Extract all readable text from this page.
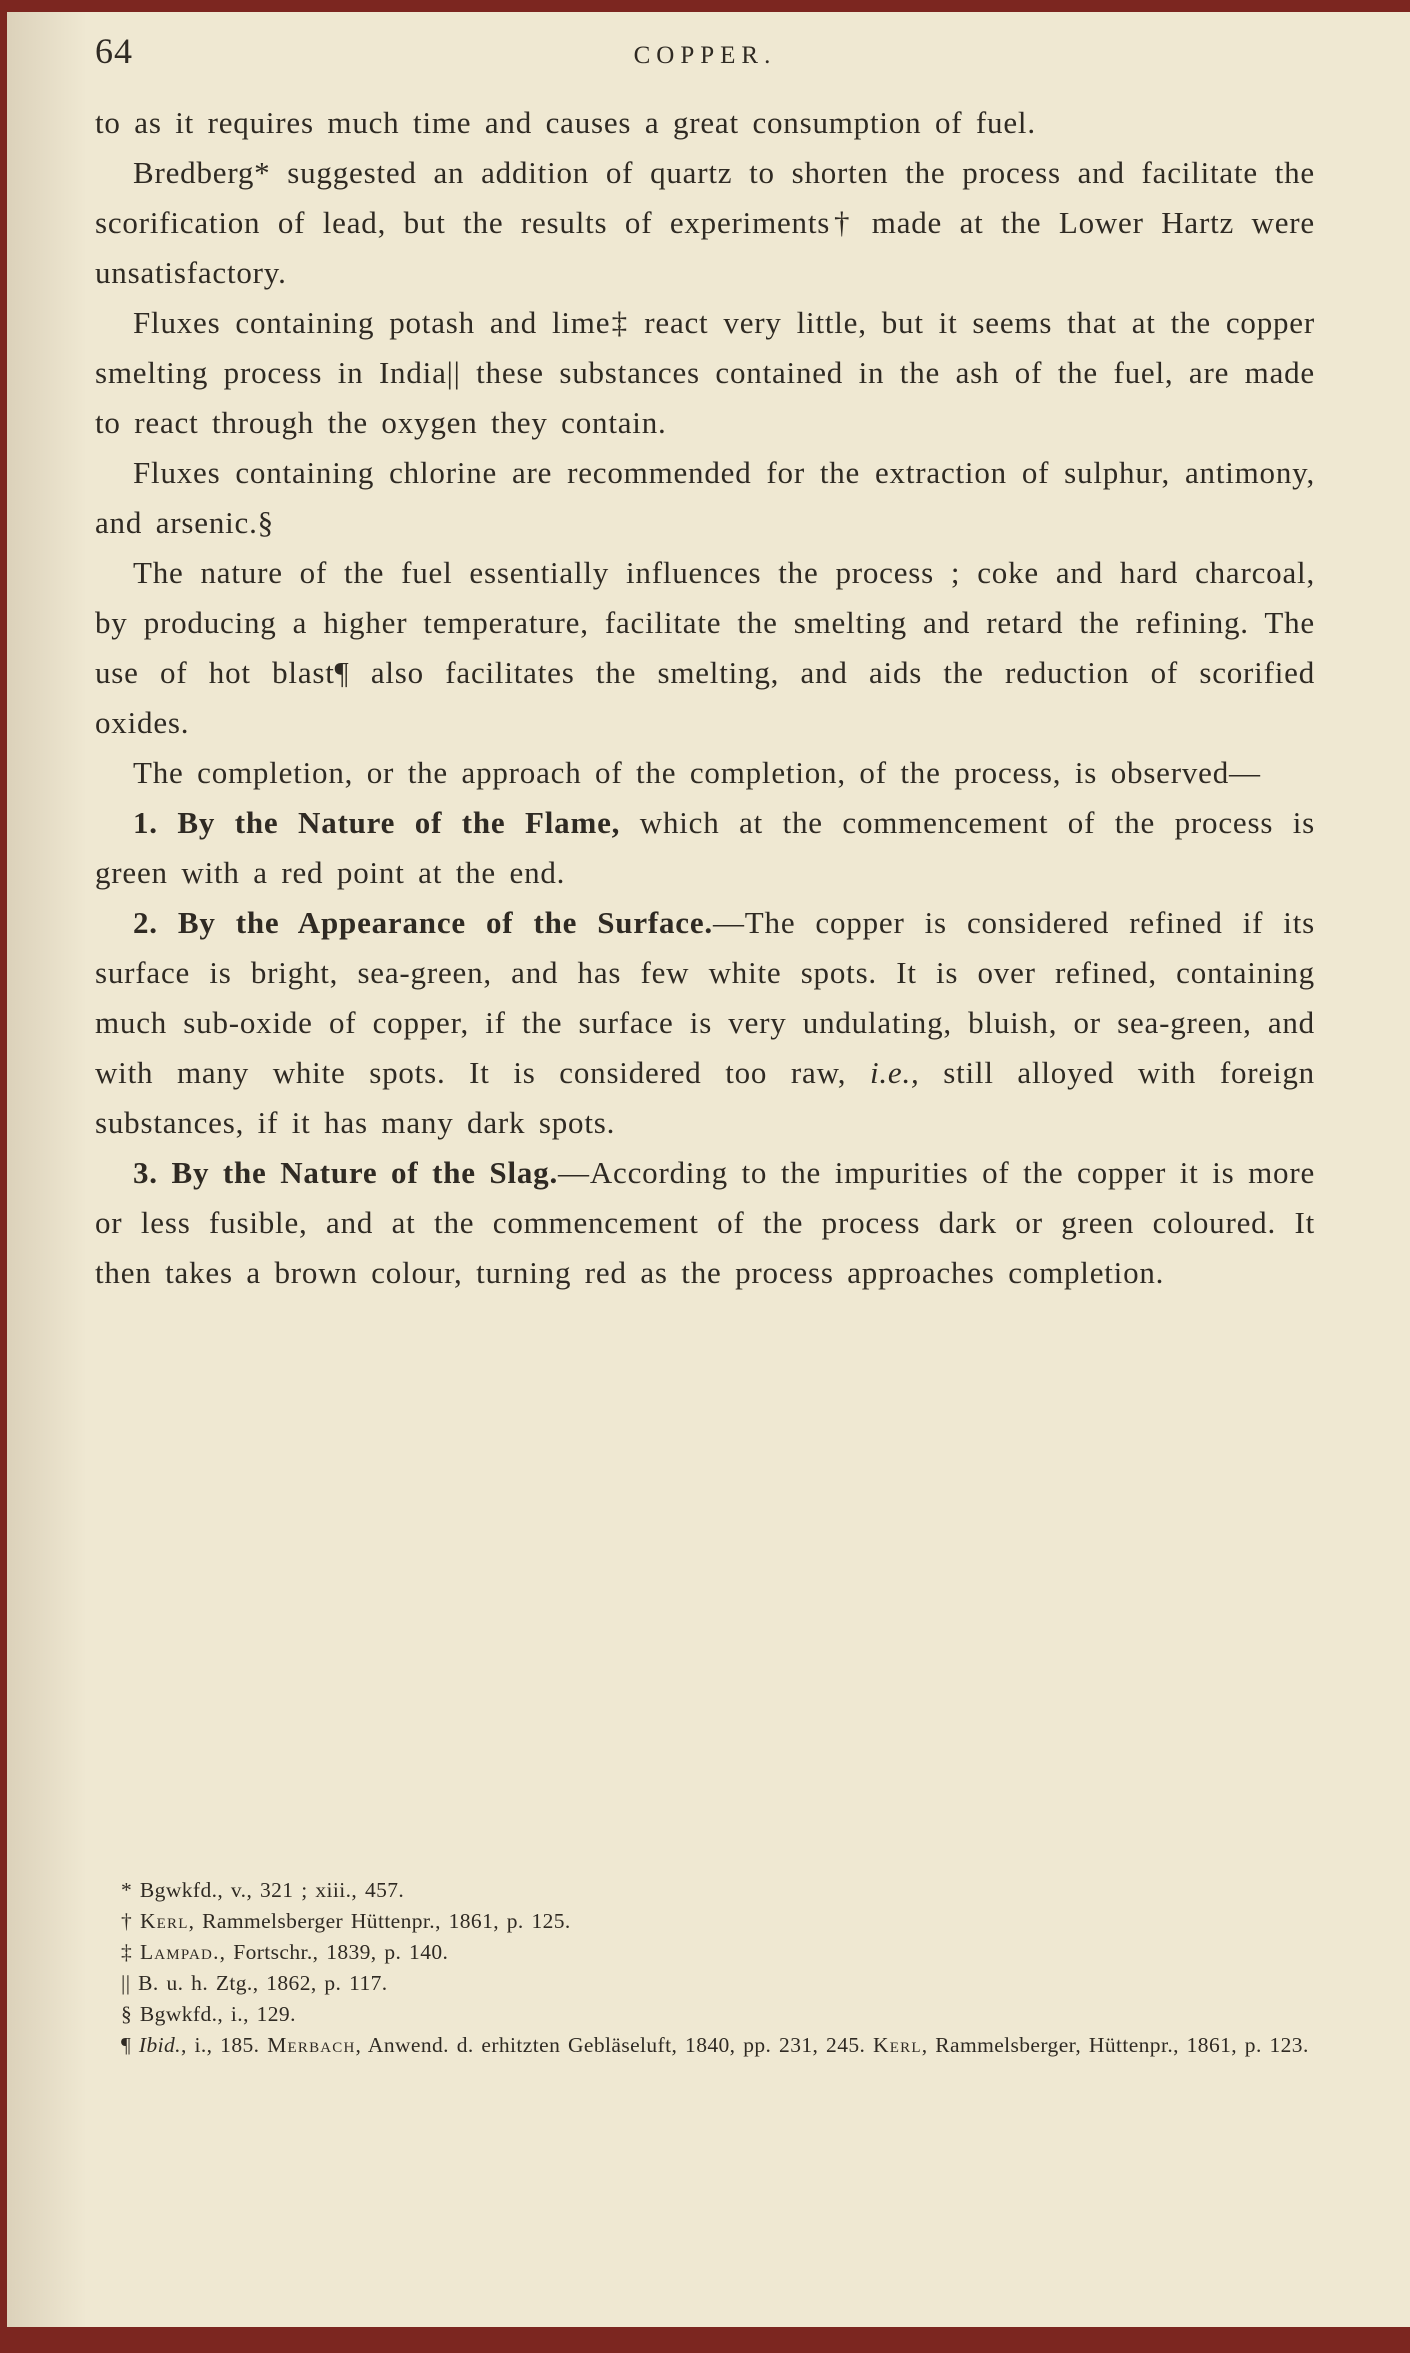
64	COPPER.

to as it requires much time and causes a great consumption of fuel.

Bredberg* suggested an addition of quartz to shorten the process and facilitate the scorification of lead, but the results of experiments† made at the Lower Hartz were unsatisfactory.

Fluxes containing potash and lime‡ react very little, but it seems that at the copper smelting process in India|| these substances contained in the ash of the fuel, are made to react through the oxygen they contain.

Fluxes containing chlorine are recommended for the extraction of sulphur, antimony, and arsenic.§

The nature of the fuel essentially influences the process ; coke and hard charcoal, by producing a higher temperature, facilitate the smelting and retard the refining. The use of hot blast¶ also facilitates the smelting, and aids the reduction of scorified oxides.

The completion, or the approach of the completion, of the process, is observed—

1. By the Nature of the Flame, which at the commencement of the process is green with a red point at the end.

2. By the Appearance of the Surface.—The copper is considered refined if its surface is bright, sea-green, and has few white spots. It is over refined, containing much sub-oxide of copper, if the surface is very undulating, bluish, or sea-green, and with many white spots. It is considered too raw, i.e., still alloyed with foreign substances, if it has many dark spots.

3. By the Nature of the Slag.—According to the impurities of the copper it is more or less fusible, and at the commencement of the process dark or green coloured. It then takes a brown colour, turning red as the process approaches completion.

* Bgwkfd., v., 321 ; xiii., 457.

† Kerl, Rammelsberger Hüttenpr., 1861, p. 125.

‡ Lampad., Fortschr., 1839, p. 140.

|| B. u. h. Ztg., 1862, p. 117.

§ Bgwkfd., i., 129.

¶ Ibid., i., 185. Merbach, Anwend. d. erhitzten Gebläseluft, 1840, pp. 231, 245. Kerl, Rammelsberger, Hüttenpr., 1861, p. 123.
